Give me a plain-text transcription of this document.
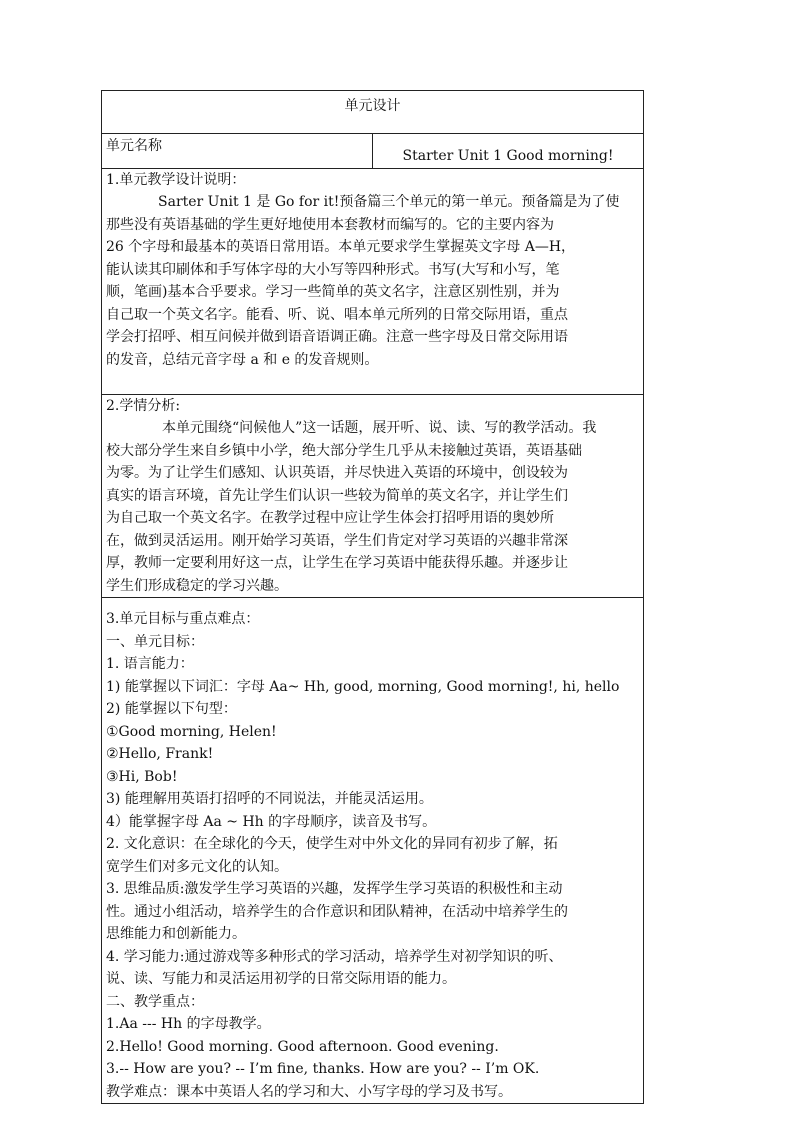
单元设计
单元名称	Starter Unit 1 Good morning!

1.单元教学设计说明：
Sarter Unit 1 是 Go for it!预备篇三个单元的第一单元。预备篇是为了使
那些没有英语基础的学生更好地使用本套教材而编写的。它的主要内容为
26 个字母和最基本的英语日常用语。本单元要求学生掌握英文字母 A—H，
能认读其印刷体和手写体字母的大小写等四种形式。书写(大写和小写，笔
顺，笔画)基本合乎要求。学习一些简单的英文名字，注意区别性别，并为
自己取一个英文名字。能看、听、说、唱本单元所列的日常交际用语，重点
学会打招呼、相互问候并做到语音语调正确。注意一些字母及日常交际用语
的发音，总结元音字母 a 和 e 的发音规则。

2.学情分析:
本单元围绕“问候他人”这一话题，展开听、说、读、写的教学活动。我
校大部分学生来自乡镇中小学，绝大部分学生几乎从未接触过英语，英语基础
为零。为了让学生们感知、认识英语，并尽快进入英语的环境中，创设较为
真实的语言环境，首先让学生们认识一些较为简单的英文名字，并让学生们
为自己取一个英文名字。在教学过程中应让学生体会打招呼用语的奥妙所
在，做到灵活运用。刚开始学习英语，学生们肯定对学习英语的兴趣非常深
厚，教师一定要利用好这一点，让学生在学习英语中能获得乐趣。并逐步让
学生们形成稳定的学习兴趣。

3.单元目标与重点难点：
一、单元目标：
1. 语言能力：
1) 能掌握以下词汇：字母 Aa~ Hh, good, morning, Good morning!, hi, hello
2) 能掌握以下句型：
①Good morning, Helen!
②Hello, Frank!
③Hi, Bob!
3) 能理解用英语打招呼的不同说法，并能灵活运用。
4）能掌握字母 Aa ~ Hh 的字母顺序，读音及书写。
2. 文化意识：在全球化的今天，使学生对中外文化的异同有初步了解，拓
宽学生们对多元文化的认知。
3. 思维品质:激发学生学习英语的兴趣，发挥学生学习英语的积极性和主动
性。通过小组活动，培养学生的合作意识和团队精神，在活动中培养学生的
思维能力和创新能力。
4. 学习能力:通过游戏等多种形式的学习活动，培养学生对初学知识的听、
说、读、写能力和灵活运用初学的日常交际用语的能力。
二、教学重点：
1.Aa --- Hh 的字母教学。
2.Hello! Good morning. Good afternoon. Good evening.
3.-- How are you? -- I’m fine, thanks. How are you? -- I’m OK.
教学难点：课本中英语人名的学习和大、小写字母的学习及书写。
